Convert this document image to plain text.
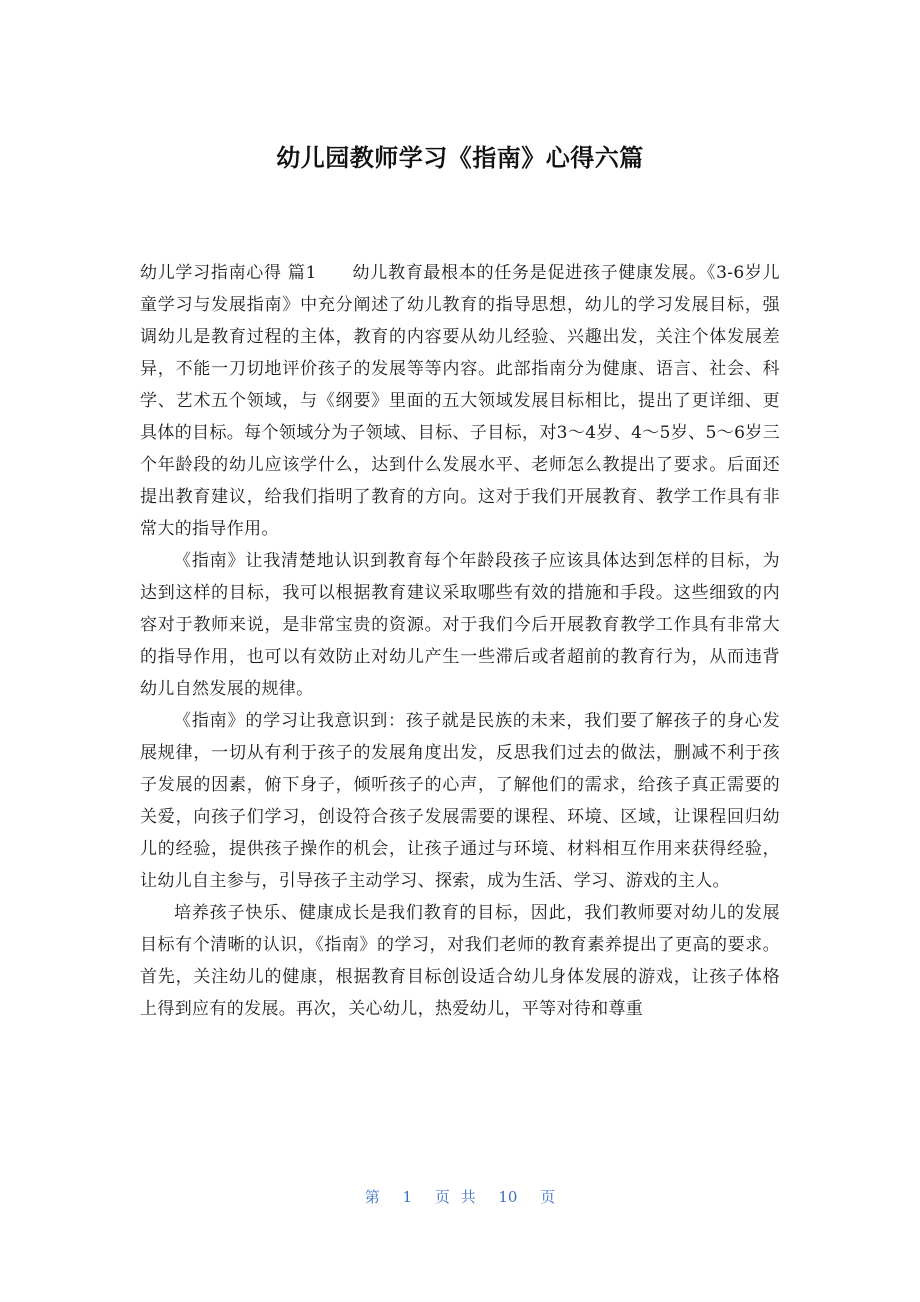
幼儿园教师学习《指南》心得六篇

幼儿学习指南心得 篇1　　幼儿教育最根本的任务是促进孩子健康发展。《3-6岁儿童学习与发展指南》中充分阐述了幼儿教育的指导思想，幼儿的学习发展目标，强调幼儿是教育过程的主体，教育的内容要从幼儿经验、兴趣出发，关注个体发展差异，不能一刀切地评价孩子的发展等等内容。此部指南分为健康、语言、社会、科学、艺术五个领域，与《纲要》里面的五大领域发展目标相比，提出了更详细、更具体的目标。每个领域分为子领域、目标、子目标，对3～4岁、4～5岁、5～6岁三个年龄段的幼儿应该学什么，达到什么发展水平、老师怎么教提出了要求。后面还提出教育建议，给我们指明了教育的方向。这对于我们开展教育、教学工作具有非常大的指导作用。

《指南》让我清楚地认识到教育每个年龄段孩子应该具体达到怎样的目标，为达到这样的目标，我可以根据教育建议采取哪些有效的措施和手段。这些细致的内容对于教师来说，是非常宝贵的资源。对于我们今后开展教育教学工作具有非常大的指导作用，也可以有效防止对幼儿产生一些滞后或者超前的教育行为，从而违背幼儿自然发展的规律。

《指南》的学习让我意识到：孩子就是民族的未来，我们要了解孩子的身心发展规律，一切从有利于孩子的发展角度出发，反思我们过去的做法，删减不利于孩子发展的因素，俯下身子，倾听孩子的心声，了解他们的需求，给孩子真正需要的关爱，向孩子们学习，创设符合孩子发展需要的课程、环境、区域，让课程回归幼儿的经验，提供孩子操作的机会，让孩子通过与环境、材料相互作用来获得经验，让幼儿自主参与，引导孩子主动学习、探索，成为生活、学习、游戏的主人。

培养孩子快乐、健康成长是我们教育的目标，因此，我们教师要对幼儿的发展目标有个清晰的认识，《指南》的学习，对我们老师的教育素养提出了更高的要求。首先，关注幼儿的健康，根据教育目标创设适合幼儿身体发展的游戏，让孩子体格上得到应有的发展。再次，关心幼儿，热爱幼儿，平等对待和尊重

第 1 页 共 10 页
